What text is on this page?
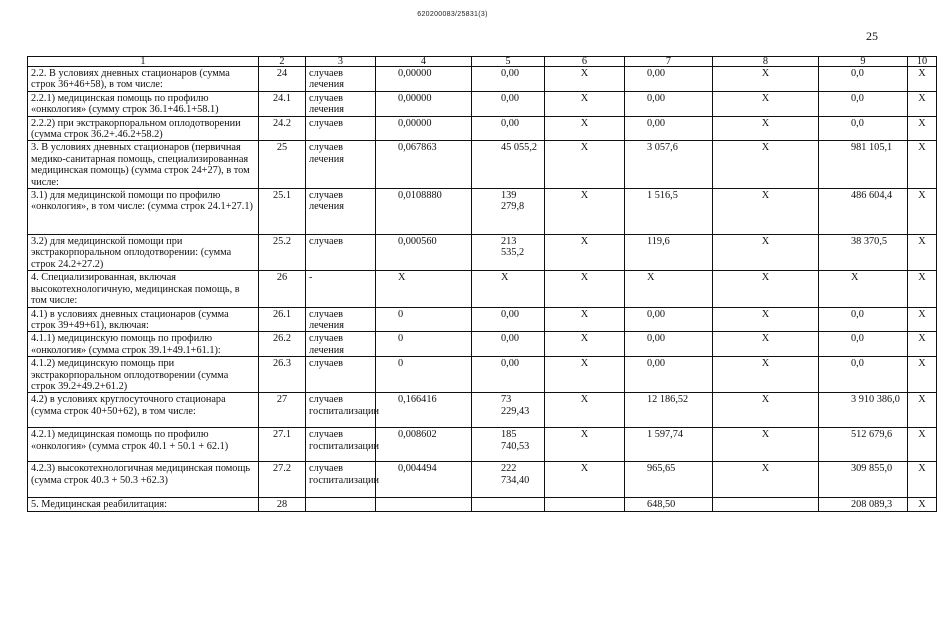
620200083/25831(3)
25
1	2	3	4	5	6	7	8	9	10
2.2. В условиях дневных стационаров (сумма строк 36+46+58), в том числе:	24	случаев лечения	0,00000	0,00	X	0,00	X	0,0	X
2.2.1) медицинская помощь по профилю «онкология» (сумму строк 36.1+46.1+58.1)	24.1	случаев лечения	0,00000	0,00	X	0,00	X	0,0	X
2.2.2) при экстракорпоральном оплодотворении (сумма строк 36.2+.46.2+58.2)	24.2	случаев	0,00000	0,00	X	0,00	X	0,0	X
3. В условиях дневных стационаров (первичная медико-санитарная помощь, специализированная медицинская помощь) (сумма строк 24+27), в том числе:	25	случаев лечения	0,067863	45 055,2	X	3 057,6	X	981 105,1	X
3.1) для медицинской помощи по профилю «онкология», в том числе: (сумма строк 24.1+27.1)	25.1	случаев лечения	0,0108880	139 279,8	X	1 516,5	X	486 604,4	X
3.2) для медицинской помощи при экстракорпоральном оплодотворении: (сумма строк 24.2+27.2)	25.2	случаев	0,000560	213 535,2	X	119,6	X	38 370,5	X
4. Специализированная, включая высокотехнологичную, медицинская помощь, в том числе:	26	-	X	X	X	X	X	X	X
4.1) в условиях дневных стационаров (сумма строк 39+49+61), включая:	26.1	случаев лечения	0	0,00	X	0,00	X	0,0	X
4.1.1) медицинскую помощь по профилю «онкология» (сумма строк 39.1+49.1+61.1):	26.2	случаев лечения	0	0,00	X	0,00	X	0,0	X
4.1.2) медицинскую помощь при экстракорпоральном оплодотворении (сумма строк 39.2+49.2+61.2)	26.3	случаев	0	0,00	X	0,00	X	0,0	X
4.2) в условиях круглосуточного стационара (сумма строк 40+50+62), в том числе:	27	случаев госпитализации	0,166416	73 229,43	X	12 186,52	X	3 910 386,0	X
4.2.1) медицинская помощь по профилю «онкология» (сумма строк 40.1 + 50.1 + 62.1)	27.1	случаев госпитализации	0,008602	185 740,53	X	1 597,74	X	512 679,6	X
4.2.3) высокотехнологичная медицинская помощь (сумма строк 40.3 + 50.3 +62.3)	27.2	случаев госпитализации	0,004494	222 734,40	X	965,65	X	309 855,0	X
5. Медицинская реабилитация:	28					648,50		208 089,3	X
